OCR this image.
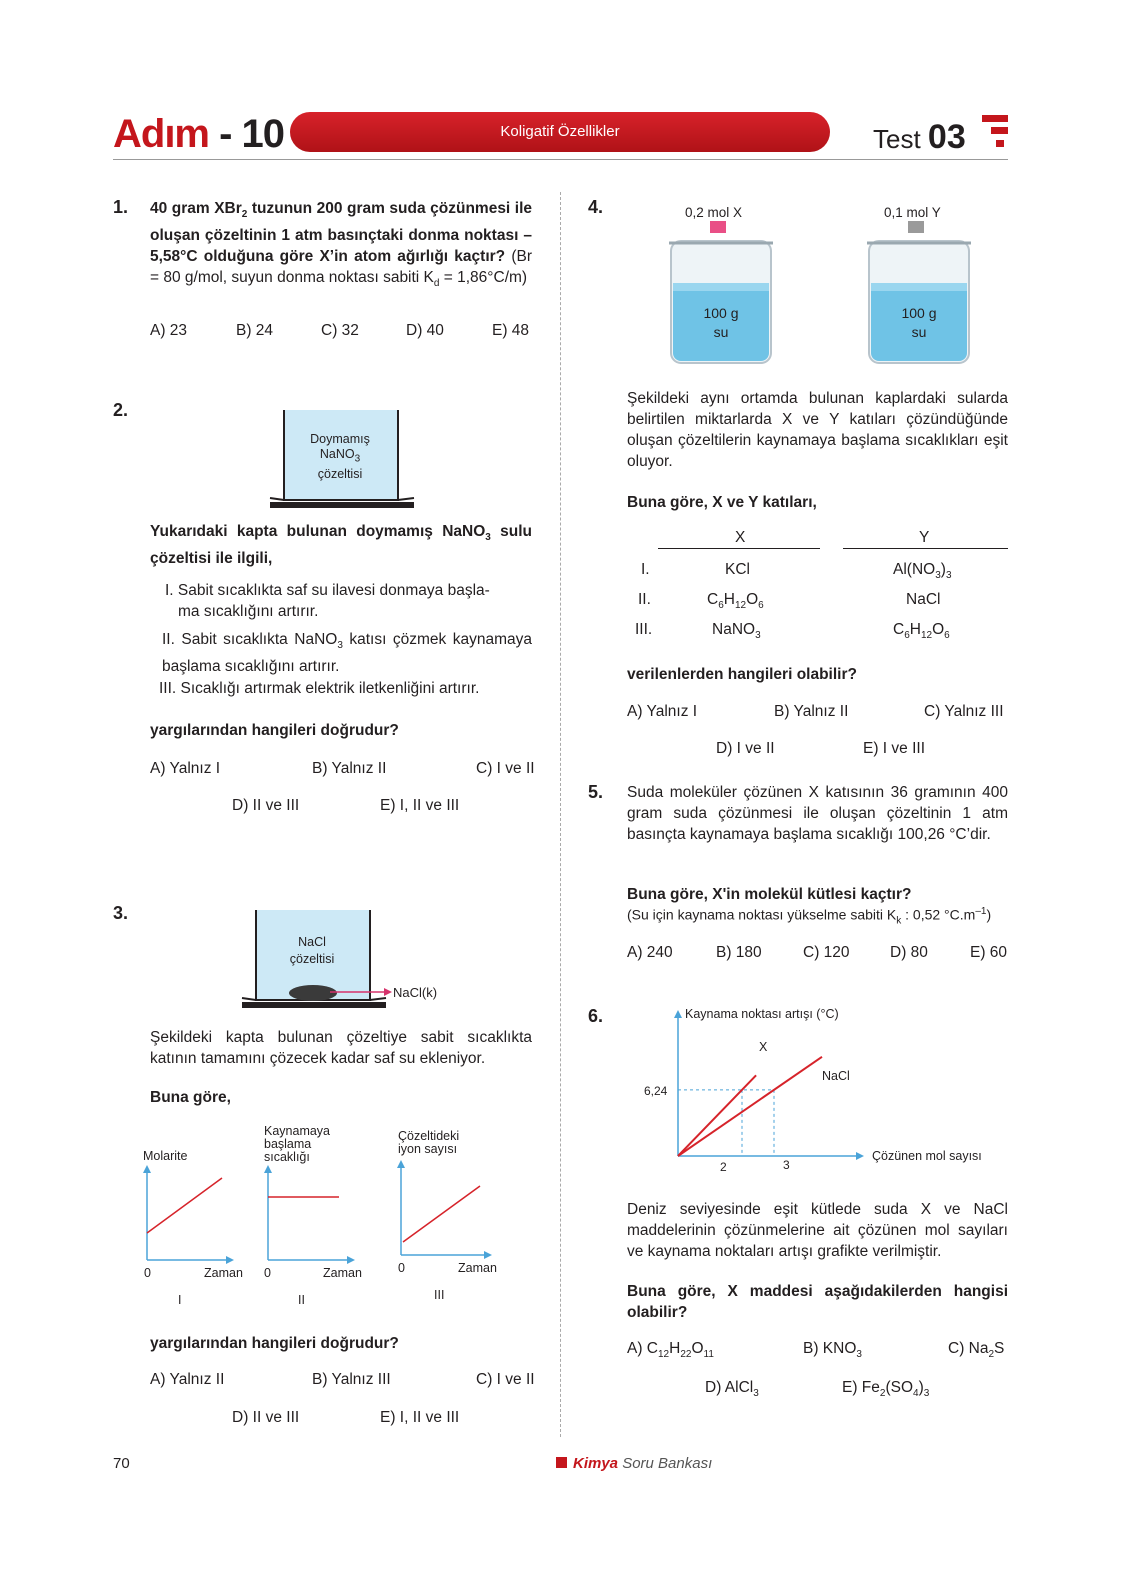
Adım - 10	Koligatif Özellikler	Test 03
1. 40 gram XBr$_2$ tuzunun 200 gram suda çözünmesi ile oluşan çözeltinin 1 atm basınçtaki donma noktası –5,58°C olduğuna göre X’in atom ağırlığı kaçtır? (Br = 80 g/mol, suyun donma noktası sabiti $K_d = 1,86^\circ C/m$)
A) 23	B) 24	C) 32	D) 40	E) 48
2.
Doymamış
NaNO$_3$
çözeltisi
Yukarıdaki kapta bulunan doymamış NaNO$_3$ sulu çözeltisi ile ilgili,
I. Sabit sıcaklıkta saf su ilavesi donmaya başla-
ma sıcaklığını artırır.
II. Sabit sıcaklıkta NaNO$_3$ katısı çözmek kaynamaya başlama sıcaklığını artırır.
III. Sıcaklığı artırmak elektrik iletkenliğini artırır.
yargılarından hangileri doğrudur?
A) Yalnız I	B) Yalnız II	C) I ve II
D) II ve III	E) I, II ve III
3.
NaCl
çözeltisi
NaCl(k)
Şekildeki kapta bulunan çözeltiye sabit sıcaklıkta katının tamamını çözecek kadar saf su ekleniyor.
Buna göre,
Molarite
0	Zaman
I
Kaynamaya
başlama
sıcaklığı
0	Zaman
II
Çözeltideki
iyon sayısı
0	Zaman
III
yargılarından hangileri doğrudur?
A) Yalnız II	B) Yalnız III	C) I ve II
D) II ve III	E) I, II ve III
4.	0,2 mol X	0,1 mol Y
100 g
su
100 g
su
Şekildeki aynı ortamda bulunan kaplardaki sularda belirtilen miktarlarda X ve Y katıları çözündüğünde oluşan çözeltilerin kaynamaya başlama sıcaklıkları eşit oluyor.
Buna göre, X ve Y katıları,
X	Y
I.
II.
III.
KCl	$Al(NO_3)_3$
$C_6H_{12}O_6$	NaCl
NaNO$_3$	$C_6H_{12}O_6$
verilenlerden hangileri olabilir?
A) Yalnız I	B) Yalnız II	C) Yalnız III
D) I ve II	E) I ve III
5. Suda moleküler çözünen X katısının 36 gramının 400 gram suda çözünmesi ile oluşan çözeltinin 1 atm basınçta kaynamaya başlama sıcaklığı 100,26 °C’dir.
Buna göre, X'in molekül kütlesi kaçtır?
(Su için kaynama noktası yükselme sabiti $K_k$ : 0,52 $^\circ C.m^{-1}$)
A) 240	B) 180	C) 120	D) 80	E) 60
6.	Kaynama noktası artışı (°C)
Çözünen mol sayısı
6,24
2	3
X
NaCl
Deniz seviyesinde eşit kütlede suda X ve NaCl maddelerinin çözünmelerine ait çözünen mol sayıları ve kaynama noktaları artışı grafikte verilmiştir.
Buna göre, X maddesi aşağıdakilerden hangisi olabilir?
A) $C_{12}H_{22}O_{11}$	B) $KNO_3$	C) $Na_2S$
D) AlCl$_3$	E) $Fe_2(SO_4)_3$
70	Kimya Soru Bankası
